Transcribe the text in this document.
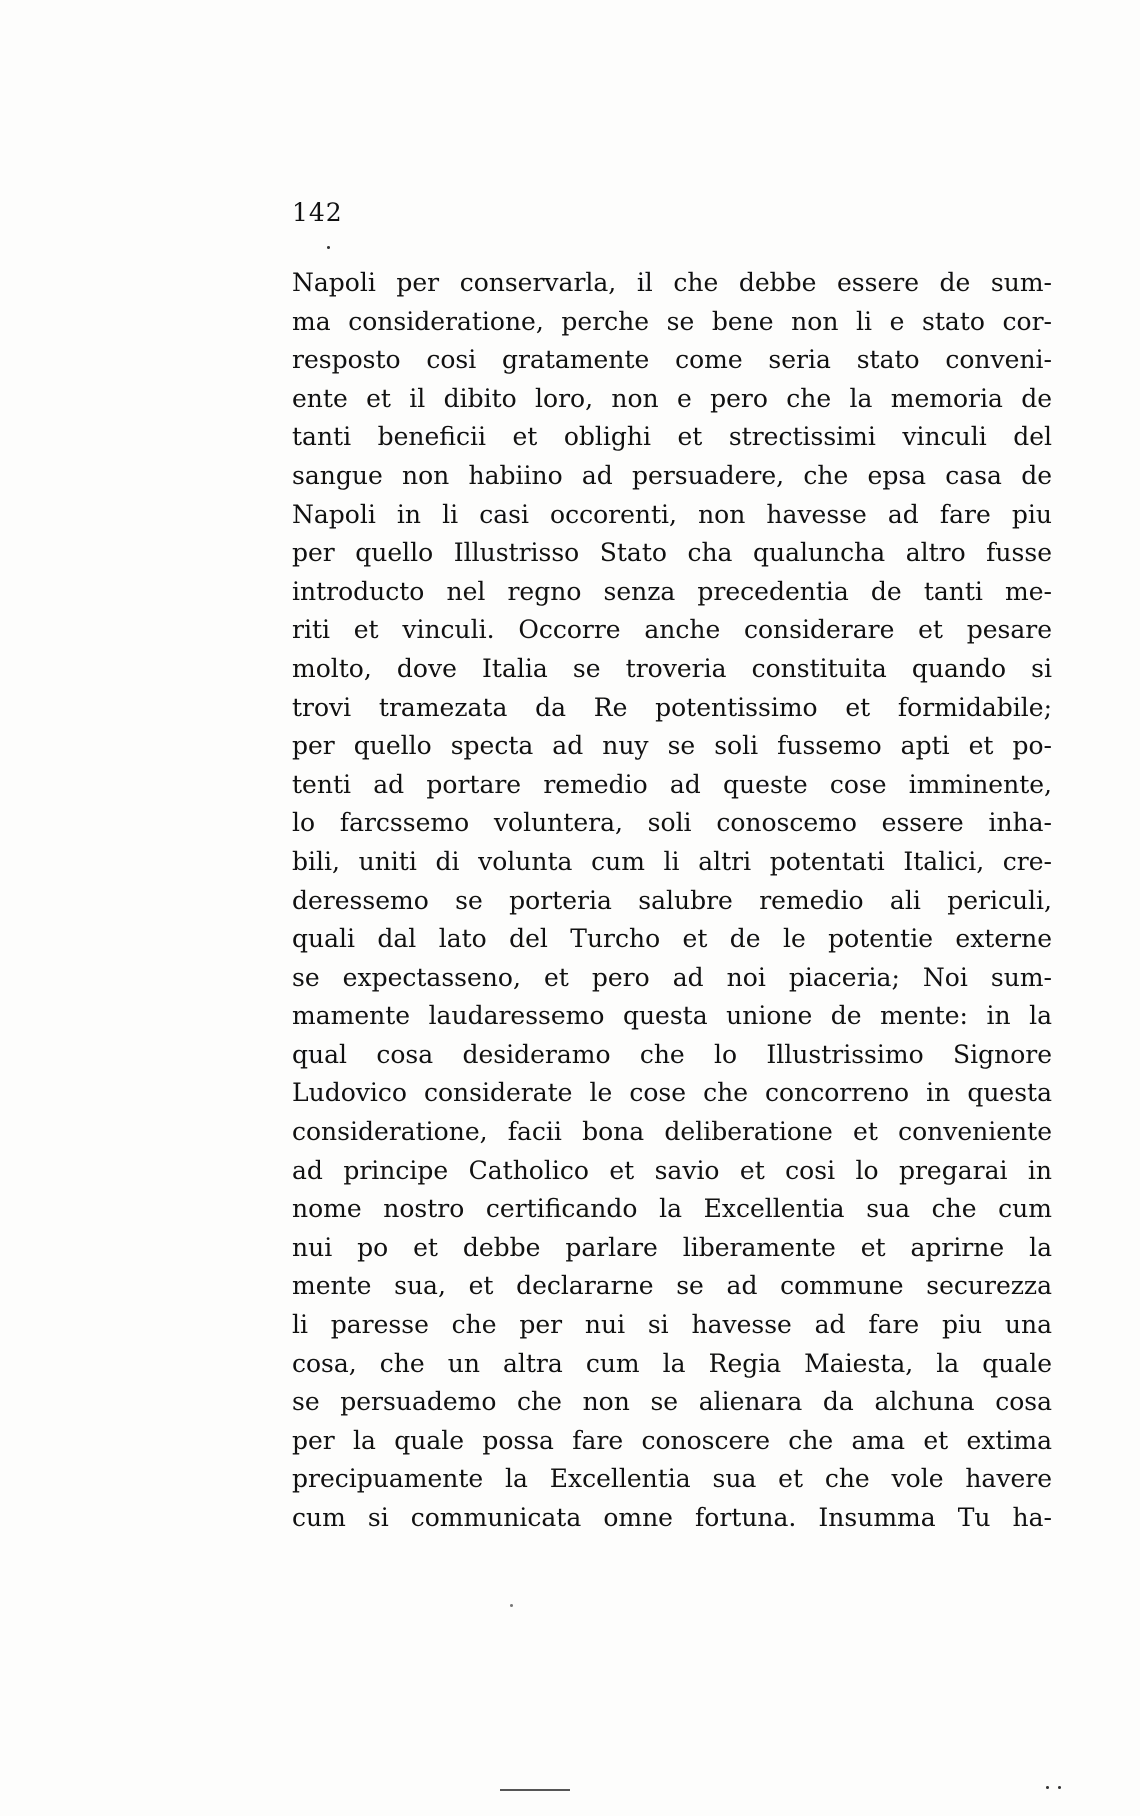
142
Napoli per conservarla, il che debbe essere de sum-
ma consideratione, perche se bene non li e stato cor-
resposto cosi gratamente come seria stato conveni-
ente et il dibito loro, non e pero che la memoria de
tanti beneficii et oblighi et strectissimi vinculi del
sangue non habiino ad persuadere, che epsa casa de
Napoli in li casi occorenti, non havesse ad fare piu
per quello Illustrisso Stato cha qualuncha altro fusse
introducto nel regno senza precedentia de tanti me-
riti et vinculi. Occorre anche considerare et pesare
molto, dove Italia se troveria constituita quando si
trovi tramezata da Re potentissimo et formidabile;
per quello specta ad nuy se soli fussemo apti et po-
tenti ad portare remedio ad queste cose imminente,
lo farcssemo voluntera, soli conoscemo essere inha-
bili, uniti di volunta cum li altri potentati Italici, cre-
deressemo se porteria salubre remedio ali periculi,
quali dal lato del Turcho et de le potentie externe
se expectasseno, et pero ad noi piaceria; Noi sum-
mamente laudaressemo questa unione de mente: in la
qual cosa desideramo che lo Illustrissimo Signore
Ludovico considerate le cose che concorreno in questa
consideratione, facii bona deliberatione et conveniente
ad principe Catholico et savio et cosi lo pregarai in
nome nostro certificando la Excellentia sua che cum
nui po et debbe parlare liberamente et aprirne la
mente sua, et declararne se ad commune securezza
li paresse che per nui si havesse ad fare piu una
cosa, che un altra cum la Regia Maiesta, la quale
se persuademo che non se alienara da alchuna cosa
per la quale possa fare conoscere che ama et extima
precipuamente la Excellentia sua et che vole havere
cum si communicata omne fortuna. Insumma Tu ha-
